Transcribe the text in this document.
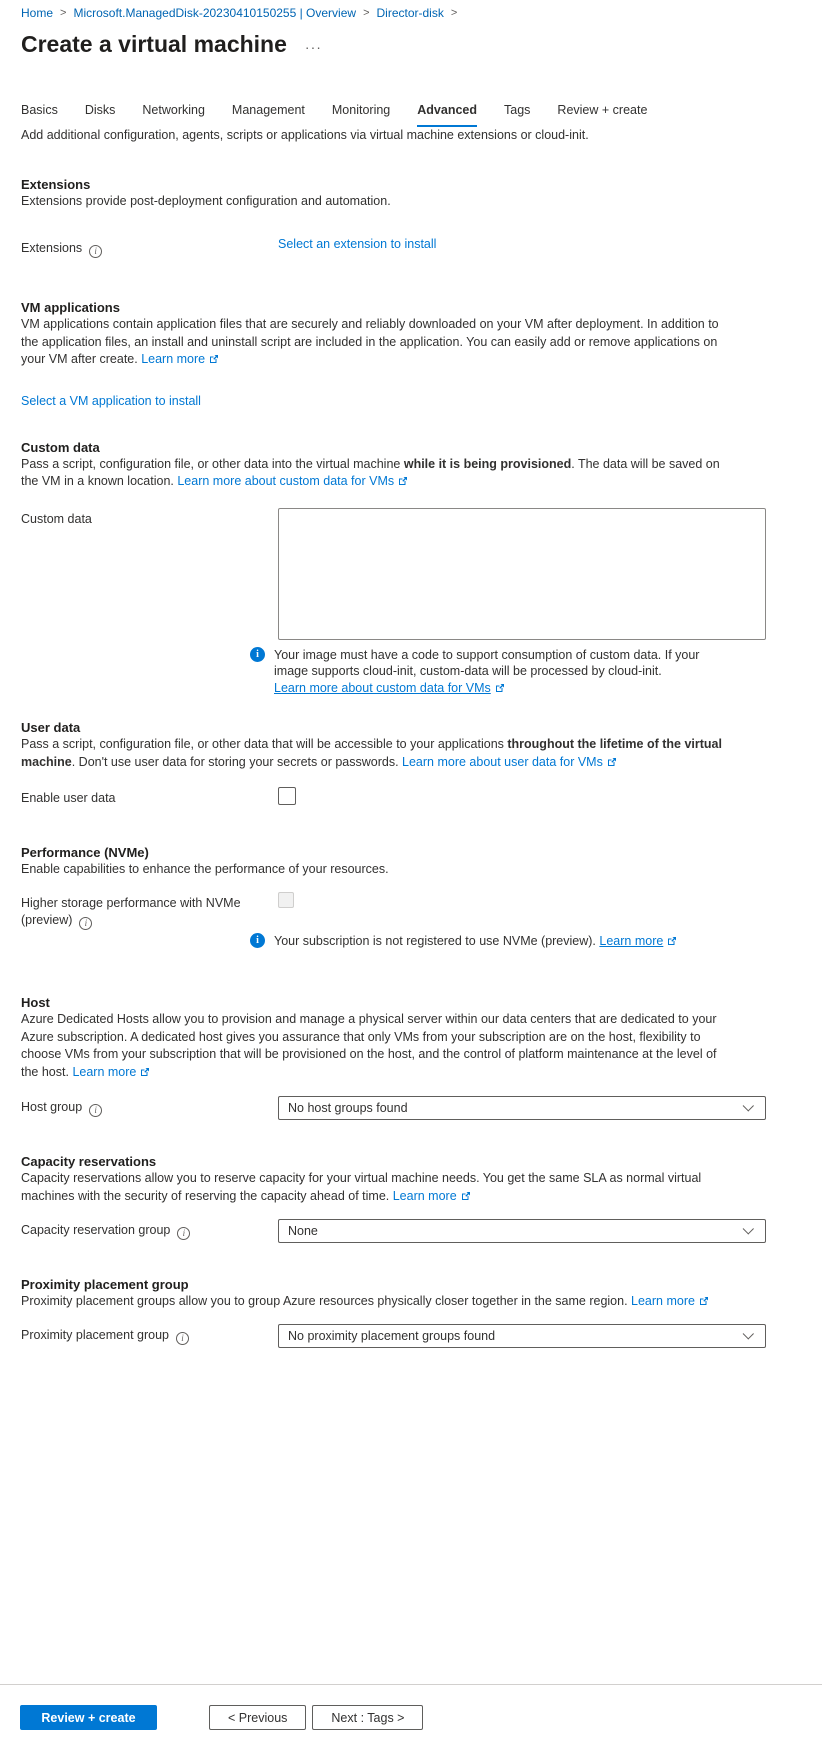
Home > Microsoft.ManagedDisk-20230410150255 | Overview > Director-disk >
Create a virtual machine ···
Basics Disks Networking Management Monitoring Advanced Tags Review + create

Add additional configuration, agents, scripts or applications via virtual machine extensions or cloud-init.

Extensions

Extensions provide post-deployment configuration and automation.

Extensions i	Select an extension to install
VM applications

VM applications contain application files that are securely and reliably downloaded on your VM after deployment. In addition to the application files, an install and uninstall script are included in the application. You can easily add or remove applications on your VM after create. Learn more

Select a VM application to install
Custom data

Pass a script, configuration file, or other data into the virtual machine while it is being provisioned. The data will be saved on the VM in a known location. Learn more about custom data for VMs

Custom data
i	Your image must have a code to support consumption of custom data. If your image supports cloud-init, custom-data will be processed by cloud-init.
Learn more about custom data for VMs
User data

Pass a script, configuration file, or other data that will be accessible to your applications throughout the lifetime of the virtual machine. Don't use user data for storing your secrets or passwords. Learn more about user data for VMs

Enable user data
Performance (NVMe)

Enable capabilities to enhance the performance of your resources.

Higher storage performance with NVMe (preview) i
i	Your subscription is not registered to use NVMe (preview). Learn more
Host

Azure Dedicated Hosts allow you to provision and manage a physical server within our data centers that are dedicated to your Azure subscription. A dedicated host gives you assurance that only VMs from your subscription are on the host, flexibility to choose VMs from your subscription that will be provisioned on the host, and the control of platform maintenance at the level of the host. Learn more

Host group i	No host groups found
Capacity reservations

Capacity reservations allow you to reserve capacity for your virtual machine needs. You get the same SLA as normal virtual machines with the security of reserving the capacity ahead of time. Learn more

Capacity reservation group i	None
Proximity placement group

Proximity placement groups allow you to group Azure resources physically closer together in the same region. Learn more

Proximity placement group i	No proximity placement groups found
Review + create	< Previous	Next : Tags >
